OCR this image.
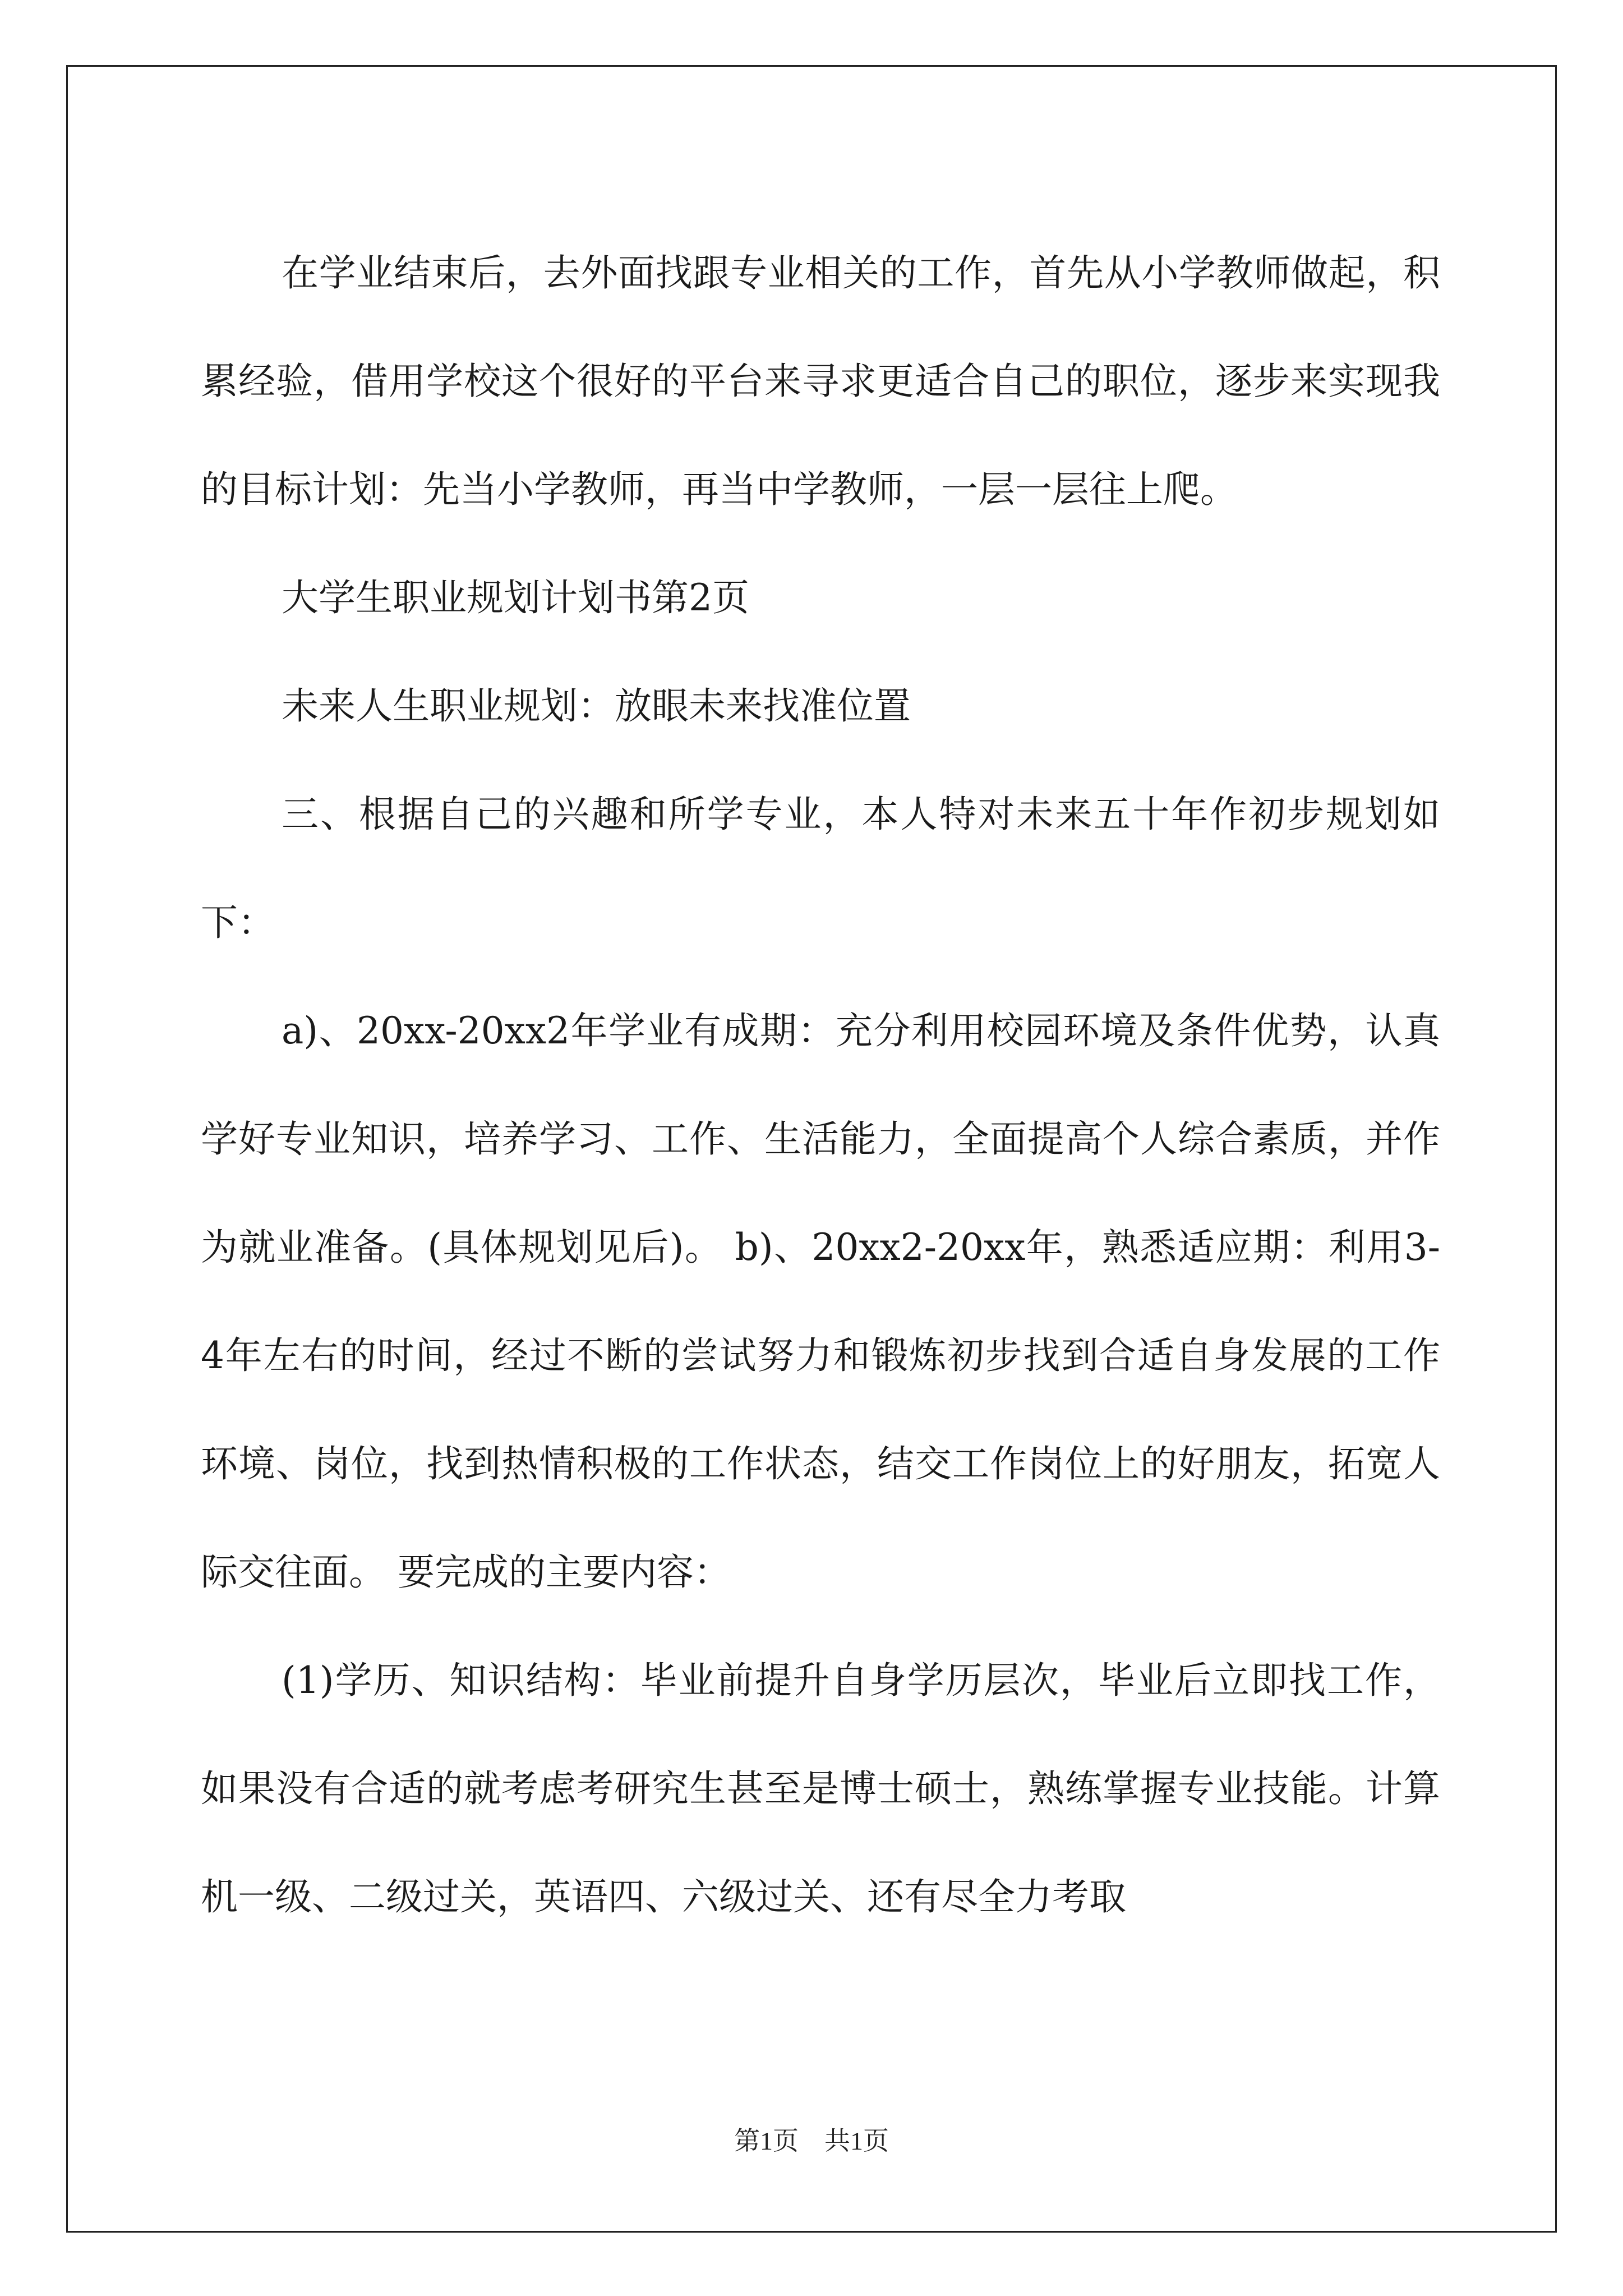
在学业结束后，去外面找跟专业相关的工作，首先从小学教师做起，积累经验，借用学校这个很好的平台来寻求更适合自己的职位，逐步来实现我的目标计划：先当小学教师，再当中学教师，一层一层往上爬。

大学生职业规划计划书第2页

未来人生职业规划：放眼未来找准位置

三、根据自己的兴趣和所学专业，本人特对未来五十年作初步规划如下：

a)、20xx-20xx2年学业有成期：充分利用校园环境及条件优势，认真学好专业知识，培养学习、工作、生活能力，全面提高个人综合素质，并作为就业准备。(具体规划见后)。 b)、20xx2-20xx年，熟悉适应期：利用3-4年左右的时间，经过不断的尝试努力和锻炼初步找到合适自身发展的工作环境、岗位，找到热情积极的工作状态，结交工作岗位上的好朋友，拓宽人际交往面。 要完成的主要内容：

(1)学历、知识结构：毕业前提升自身学历层次，毕业后立即找工作，如果没有合适的就考虑考研究生甚至是博士硕士，熟练掌握专业技能。计算机一级、二级过关，英语四、六级过关、还有尽全力考取

第1页　共1页
